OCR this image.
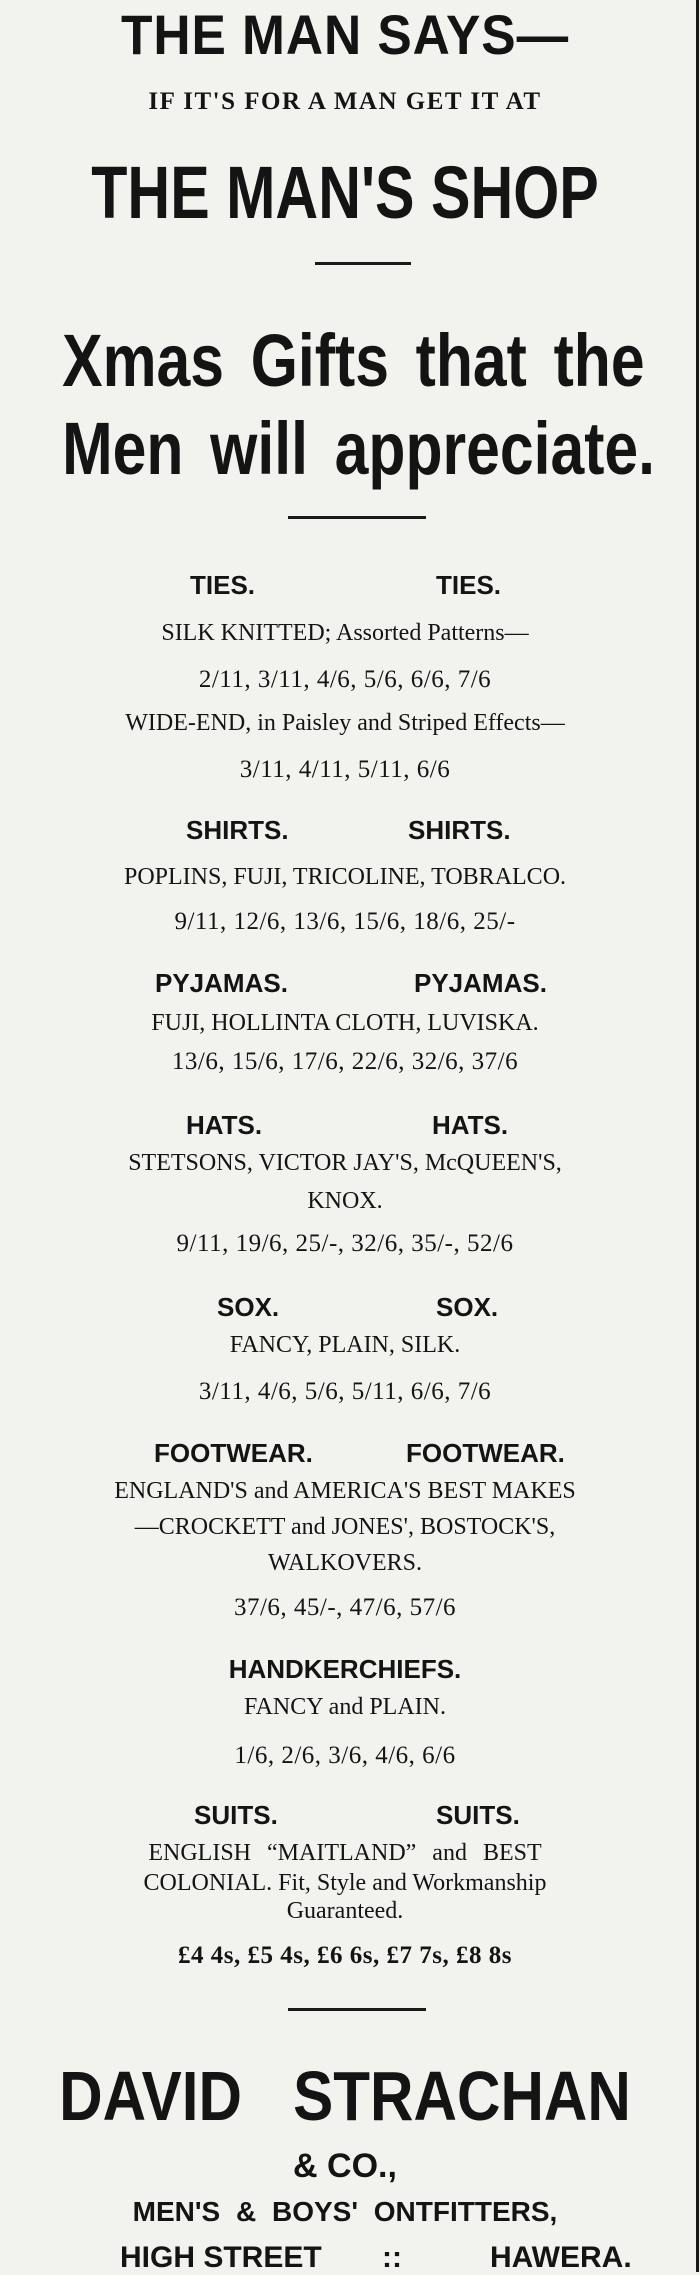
THE MAN SAYS—
IF IT'S FOR A MAN GET IT AT
THE MAN'S SHOP
Xmas Gifts that the
Men will appreciate.
TIES.	TIES.
SILK KNITTED; Assorted Patterns—
2/11, 3/11, 4/6, 5/6, 6/6, 7/6
WIDE-END, in Paisley and Striped Effects—
3/11, 4/11, 5/11, 6/6
SHIRTS.	SHIRTS.
POPLINS, FUJI, TRICOLINE, TOBRALCO.
9/11, 12/6, 13/6, 15/6, 18/6, 25/-
PYJAMAS.	PYJAMAS.
FUJI, HOLLINTA CLOTH, LUVISKA.
13/6, 15/6, 17/6, 22/6, 32/6, 37/6
HATS.	HATS.
STETSONS, VICTOR JAY'S, McQUEEN'S,
KNOX.
9/11, 19/6, 25/-, 32/6, 35/-, 52/6
SOX.	SOX.
FANCY, PLAIN, SILK.
3/11, 4/6, 5/6, 5/11, 6/6, 7/6
FOOTWEAR.	FOOTWEAR.
ENGLAND'S and AMERICA'S BEST MAKES
—CROCKETT and JONES', BOSTOCK'S,
WALKOVERS.
37/6, 45/-, 47/6, 57/6
HANDKERCHIEFS.
FANCY and PLAIN.
1/6, 2/6, 3/6, 4/6, 6/6
SUITS.	SUITS.
ENGLISH “MAITLAND” and BEST
COLONIAL. Fit, Style and Workmanship
Guaranteed.
£4 4s, £5 4s, £6 6s, £7 7s, £8 8s
DAVID STRACHAN
& CO.,
MEN'S & BOYS' ONTFITTERS,
HIGH STREET ::	HAWERA.
